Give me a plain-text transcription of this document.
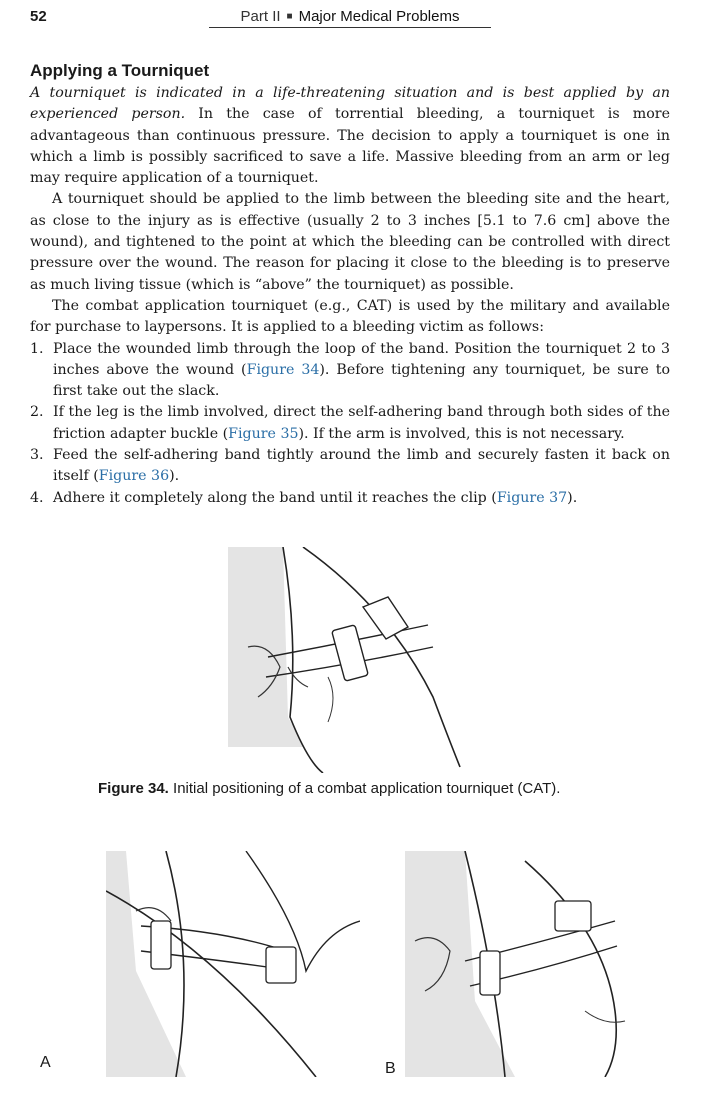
52	Part II ■ Major Medical Problems
Applying a Tourniquet

A tourniquet is indicated in a life-threatening situation and is best applied by an experienced person. In the case of torrential bleeding, a tourniquet is more advantageous than continuous pressure. The decision to apply a tourniquet is one in which a limb is possibly sacrificed to save a life. Massive bleeding from an arm or leg may require application of a tourniquet.

A tourniquet should be applied to the limb between the bleeding site and the heart, as close to the injury as is effective (usually 2 to 3 inches [5.1 to 7.6 cm] above the wound), and tightened to the point at which the bleeding can be controlled with direct pressure over the wound. The reason for placing it close to the bleeding is to preserve as much living tissue (which is “above” the tourniquet) as possible.

The combat application tourniquet (e.g., CAT) is used by the military and available for purchase to laypersons. It is applied to a bleeding victim as follows:

1. Place the wounded limb through the loop of the band. Position the tourniquet 2 to 3 inches above the wound (Figure 34). Before tightening any tourniquet, be sure to first take out the slack.
2. If the leg is the limb involved, direct the self-adhering band through both sides of the friction adapter buckle (Figure 35). If the arm is involved, this is not necessary.
3. Feed the self-adhering band tightly around the limb and securely fasten it back on itself (Figure 36).
4. Adhere it completely along the band until it reaches the clip (Figure 37).
Figure 34. Initial positioning of a combat application tourniquet (CAT).
A	B
